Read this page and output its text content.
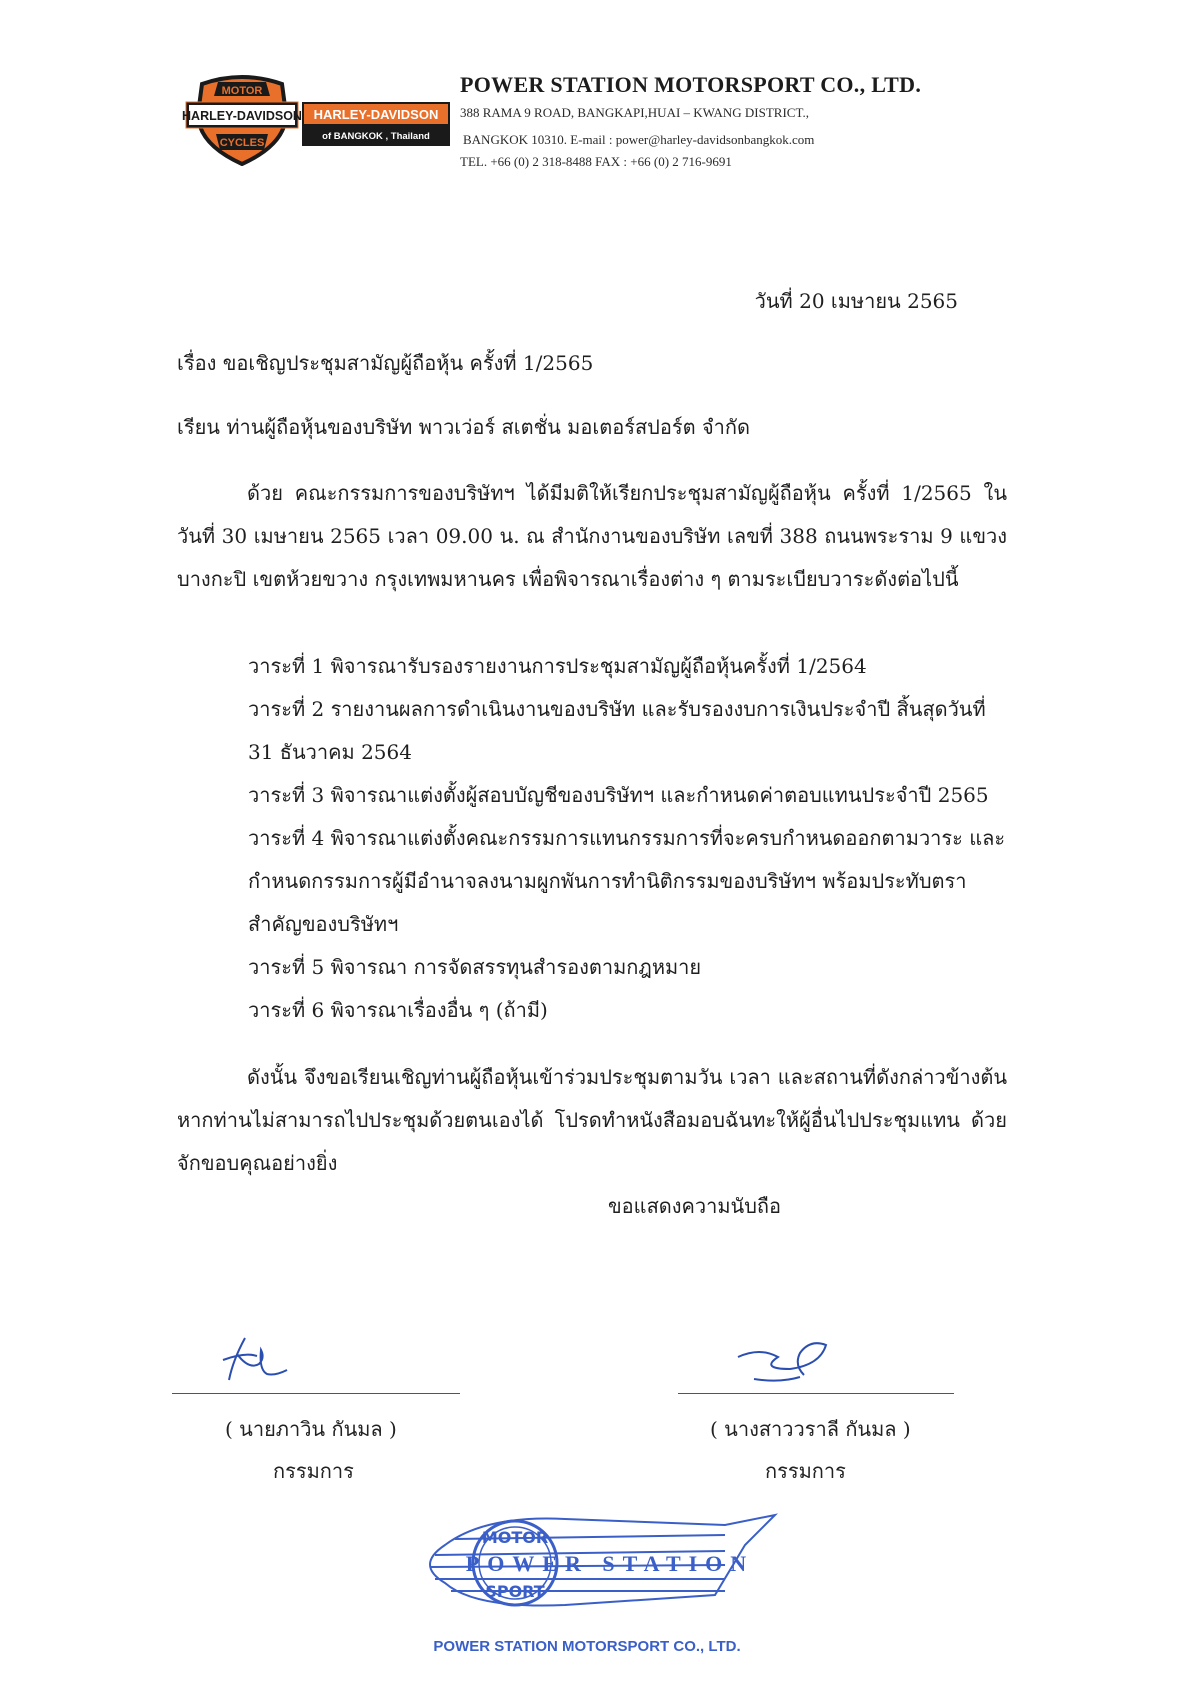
MOTOR
HARLEY-DAVIDSON
CYCLES
HARLEY-DAVIDSON
of BANGKOK , Thailand
POWER STATION MOTORSPORT CO., LTD.
388 RAMA 9 ROAD, BANGKAPI,HUAI – KWANG DISTRICT.,
BANGKOK 10310. E-mail : power@harley-davidsonbangkok.com
TEL. +66 (0) 2 318-8488 FAX : +66 (0) 2 716-9691
วันที่ 20 เมษายน 2565
เรื่อง ขอเชิญประชุมสามัญผู้ถือหุ้น ครั้งที่ 1/2565
เรียน ท่านผู้ถือหุ้นของบริษัท พาวเว่อร์ สเตชั่น มอเตอร์สปอร์ต จำกัด
ด้วย คณะกรรมการของบริษัทฯ ได้มีมติให้เรียกประชุมสามัญผู้ถือหุ้น ครั้งที่ 1/2565 ใน วันที่ 30 เมษายน 2565 เวลา 09.00 น. ณ สำนักงานของบริษัท เลขที่ 388 ถนนพระราม 9 แขวง บางกะปิ เขตห้วยขวาง กรุงเทพมหานคร เพื่อพิจารณาเรื่องต่าง ๆ ตามระเบียบวาระดังต่อไปนี้
วาระที่ 1 พิจารณารับรองรายงานการประชุมสามัญผู้ถือหุ้นครั้งที่ 1/2564
วาระที่ 2 รายงานผลการดำเนินงานของบริษัท และรับรองงบการเงินประจำปี สิ้นสุดวันที่
31 ธันวาคม 2564
วาระที่ 3 พิจารณาแต่งตั้งผู้สอบบัญชีของบริษัทฯ และกำหนดค่าตอบแทนประจำปี 2565
วาระที่ 4 พิจารณาแต่งตั้งคณะกรรมการแทนกรรมการที่จะครบกำหนดออกตามวาระ และ
กำหนดกรรมการผู้มีอำนาจลงนามผูกพันการทำนิติกรรมของบริษัทฯ พร้อมประทับตรา
สำคัญของบริษัทฯ
วาระที่ 5 พิจารณา การจัดสรรทุนสำรองตามกฎหมาย
วาระที่ 6 พิจารณาเรื่องอื่น ๆ (ถ้ามี)
ดังนั้น จึงขอเรียนเชิญท่านผู้ถือหุ้นเข้าร่วมประชุมตามวัน เวลา และสถานที่ดังกล่าวข้างต้น หากท่านไม่สามารถไปประชุมด้วยตนเองได้ โปรดทำหนังสือมอบฉันทะให้ผู้อื่นไปประชุมแทน ด้วย จักขอบคุณอย่างยิ่ง
ขอแสดงความนับถือ
( นายภาวิน กันมล )
กรรมการ
( นางสาววราลี กันมล )
กรรมการ
MOTOR
POWER STATION
SPORT
POWER STATION MOTORSPORT CO., LTD.
